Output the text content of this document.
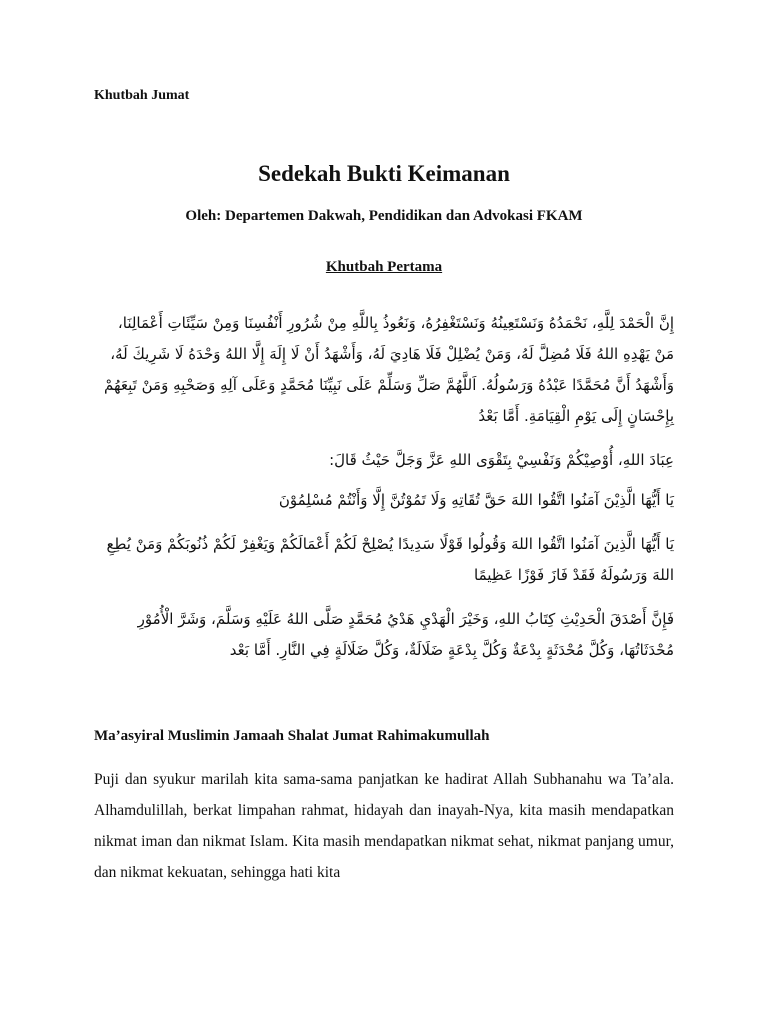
Khutbah Jumat

Sedekah Bukti Keimanan

Oleh: Departemen Dakwah, Pendidikan dan Advokasi FKAM

Khutbah Pertama

إِنَّ الْحَمْدَ لِلَّهِ، نَحْمَدُهُ وَنَسْتَعِينُهُ وَنَسْتَغْفِرُهُ، وَنَعُوذُ بِاللَّهِ مِنْ شُرُورِ أَنْفُسِنَا وَمِنْ سَيِّئَاتِ أَعْمَالِنَا، مَنْ يَهْدِهِ اللهُ فَلَا مُضِلَّ لَهُ، وَمَنْ يُضْلِلْ فَلَا هَادِيَ لَهُ، وَأَشْهَدُ أَنْ لَا إِلَهَ إِلَّا اللهُ وَحْدَهُ لَا شَرِيكَ لَهُ، وَأَشْهَدُ أَنَّ مُحَمَّدًا عَبْدُهُ وَرَسُولُهُ. اَللَّهُمَّ صَلِّ وَسَلِّمْ عَلَى نَبِيِّنَا مُحَمَّدٍ وَعَلَى آلِهِ وَصَحْبِهِ وَمَنْ تَبِعَهُمْ بِإِحْسَانٍ إِلَى يَوْمِ الْقِيَامَةِ. أَمَّا بَعْدُ

عِبَادَ اللهِ، أُوْصِيْكُمْ وَنَفْسِيْ بِتَقْوَى اللهِ عَزَّ وَجَلَّ حَيْثُ قَالَ:

يَا أَيُّهَا الَّذِيْنَ آمَنُوا اتَّقُوا اللهَ حَقَّ تُقَاتِهِ وَلَا تَمُوْتُنَّ إِلَّا وَأَنْتُمْ مُسْلِمُوْنَ

يَا أَيُّهَا الَّذِينَ آمَنُوا اتَّقُوا اللهَ وَقُولُوا قَوْلًا سَدِيدًا يُصْلِحْ لَكُمْ أَعْمَالَكُمْ وَيَغْفِرْ لَكُمْ ذُنُوبَكُمْ وَمَنْ يُطِعِ اللهَ وَرَسُولَهُ فَقَدْ فَازَ فَوْزًا عَظِيمًا

فَإِنَّ أَصْدَقَ الْحَدِيْثِ كِتَابُ اللهِ، وَخَيْرَ الْهَدْيِ هَدْيُ مُحَمَّدٍ صَلَّى اللهُ عَلَيْهِ وَسَلَّمَ، وَشَرَّ الْأُمُوْرِ مُحْدَثَاتُهَا، وَكُلَّ مُحْدَثَةٍ بِدْعَةٌ وَكُلَّ بِدْعَةٍ ضَلَالَةٌ، وَكُلَّ ضَلَالَةٍ فِي النَّارِ. أَمَّا بَعْد

Ma’asyiral Muslimin Jamaah Shalat Jumat Rahimakumullah

Puji dan syukur marilah kita sama-sama panjatkan ke hadirat Allah Subhanahu wa Ta’ala. Alhamdulillah, berkat limpahan rahmat, hidayah dan inayah-Nya, kita masih mendapatkan nikmat iman dan nikmat Islam. Kita masih mendapatkan nikmat sehat, nikmat panjang umur, dan nikmat kekuatan, sehingga hati kita
